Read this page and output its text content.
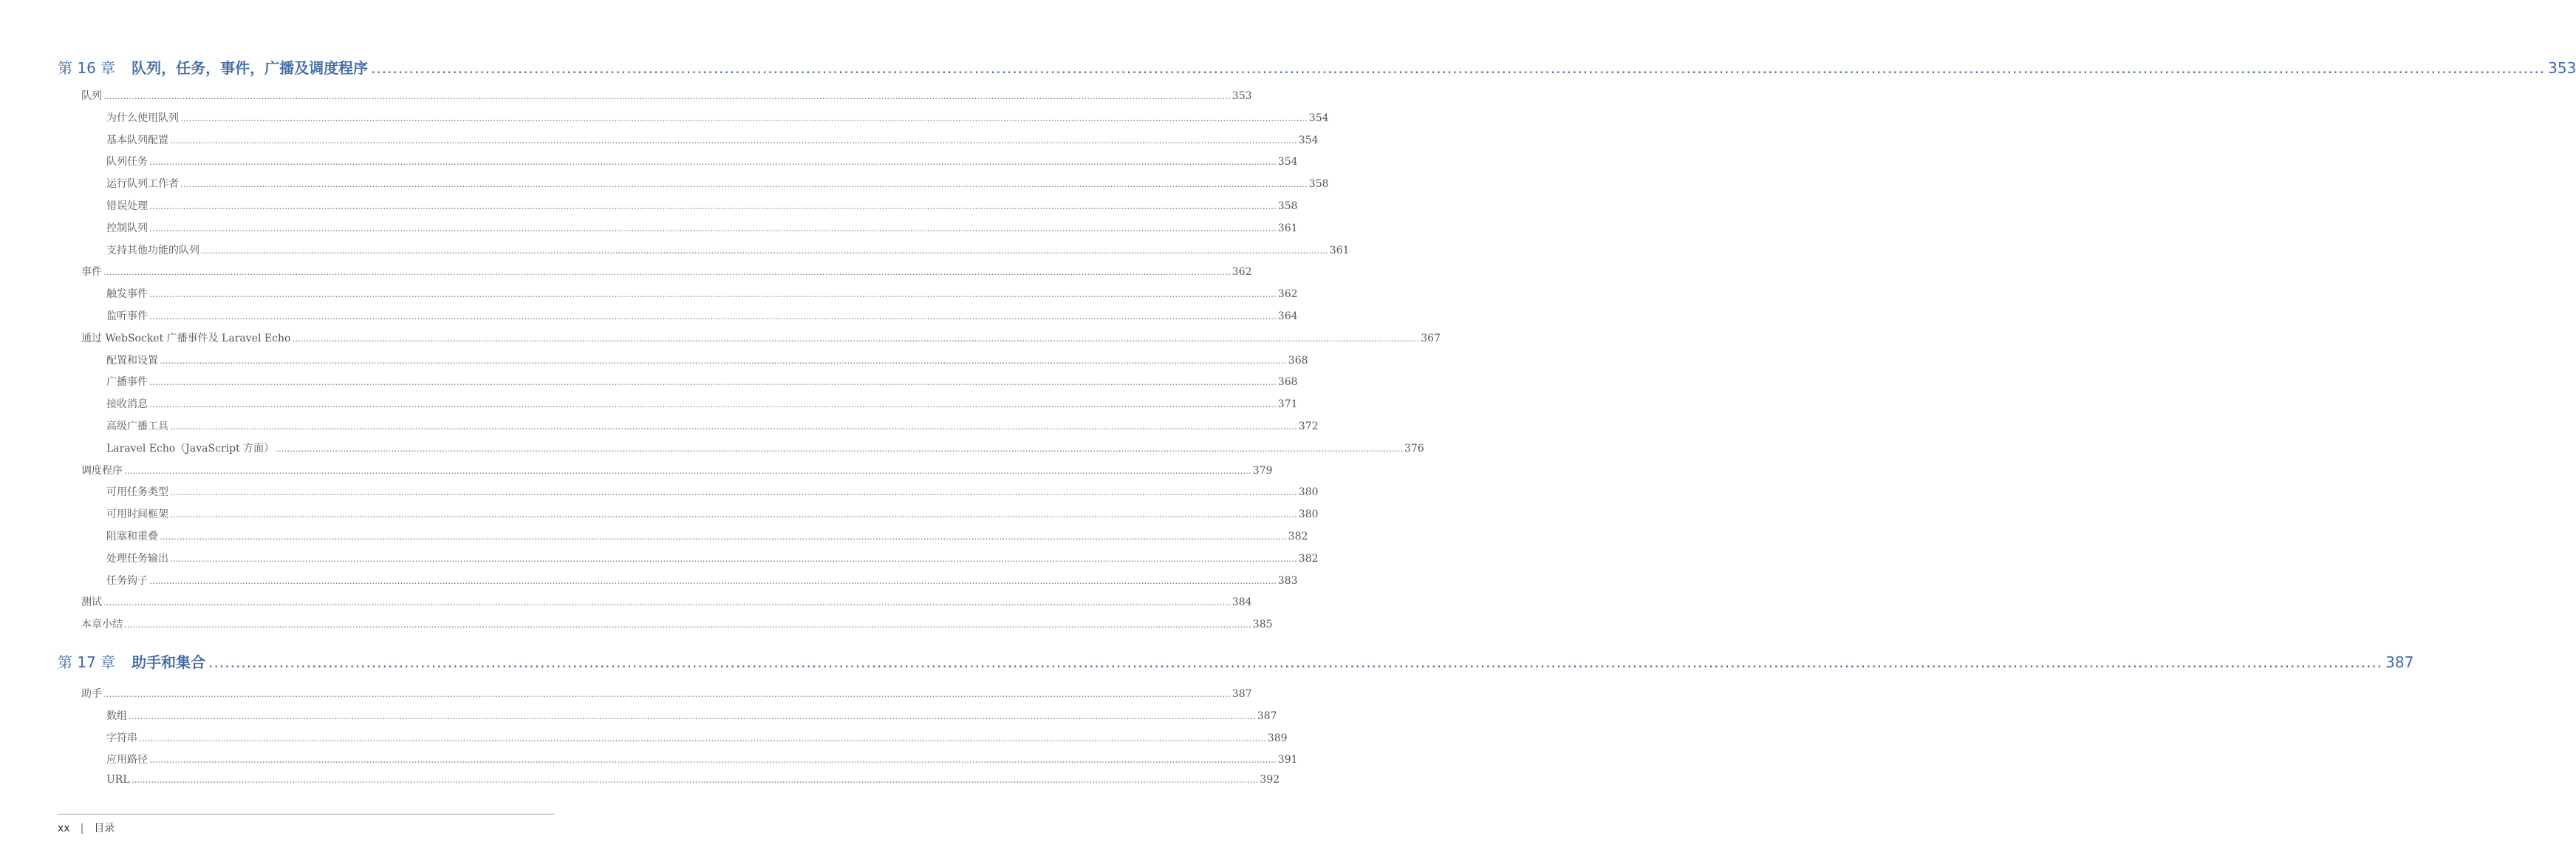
第 16 章 队列，任务，事件，广播及调度程序 ................................................................................................................................................................................................................................................................................................................................................................................................................ 353
队列 ................................................................................................................................................................................................................................................................................................................................................................................................................ 353
为什么使用队列 ................................................................................................................................................................................................................................................................................................................................................................................................................ 354
基本队列配置 ................................................................................................................................................................................................................................................................................................................................................................................................................ 354
队列任务 ................................................................................................................................................................................................................................................................................................................................................................................................................ 354
运行队列工作者 ................................................................................................................................................................................................................................................................................................................................................................................................................ 358
错误处理 ................................................................................................................................................................................................................................................................................................................................................................................................................ 358
控制队列 ................................................................................................................................................................................................................................................................................................................................................................................................................ 361
支持其他功能的队列 ................................................................................................................................................................................................................................................................................................................................................................................................................ 361
事件 ................................................................................................................................................................................................................................................................................................................................................................................................................ 362
触发事件 ................................................................................................................................................................................................................................................................................................................................................................................................................ 362
监听事件 ................................................................................................................................................................................................................................................................................................................................................................................................................ 364
通过 WebSocket 广播事件及 Laravel Echo ................................................................................................................................................................................................................................................................................................................................................................................................................ 367
配置和设置 ................................................................................................................................................................................................................................................................................................................................................................................................................ 368
广播事件 ................................................................................................................................................................................................................................................................................................................................................................................................................ 368
接收消息 ................................................................................................................................................................................................................................................................................................................................................................................................................ 371
高级广播工具 ................................................................................................................................................................................................................................................................................................................................................................................................................ 372
Laravel Echo（JavaScript 方面） ................................................................................................................................................................................................................................................................................................................................................................................................................ 376
调度程序 ................................................................................................................................................................................................................................................................................................................................................................................................................ 379
可用任务类型 ................................................................................................................................................................................................................................................................................................................................................................................................................ 380
可用时间框架 ................................................................................................................................................................................................................................................................................................................................................................................................................ 380
阻塞和重叠 ................................................................................................................................................................................................................................................................................................................................................................................................................ 382
处理任务输出 ................................................................................................................................................................................................................................................................................................................................................................................................................ 382
任务钩子 ................................................................................................................................................................................................................................................................................................................................................................................................................ 383
测试 ................................................................................................................................................................................................................................................................................................................................................................................................................ 384
本章小结 ................................................................................................................................................................................................................................................................................................................................................................................................................ 385
第 17 章 助手和集合 ................................................................................................................................................................................................................................................................................................................................................................................................................ 387
助手 ................................................................................................................................................................................................................................................................................................................................................................................................................ 387
数组 ................................................................................................................................................................................................................................................................................................................................................................................................................ 387
字符串 ................................................................................................................................................................................................................................................................................................................................................................................................................ 389
应用路径 ................................................................................................................................................................................................................................................................................................................................................................................................................ 391
URL ................................................................................................................................................................................................................................................................................................................................................................................................................ 392
xx | 目录
